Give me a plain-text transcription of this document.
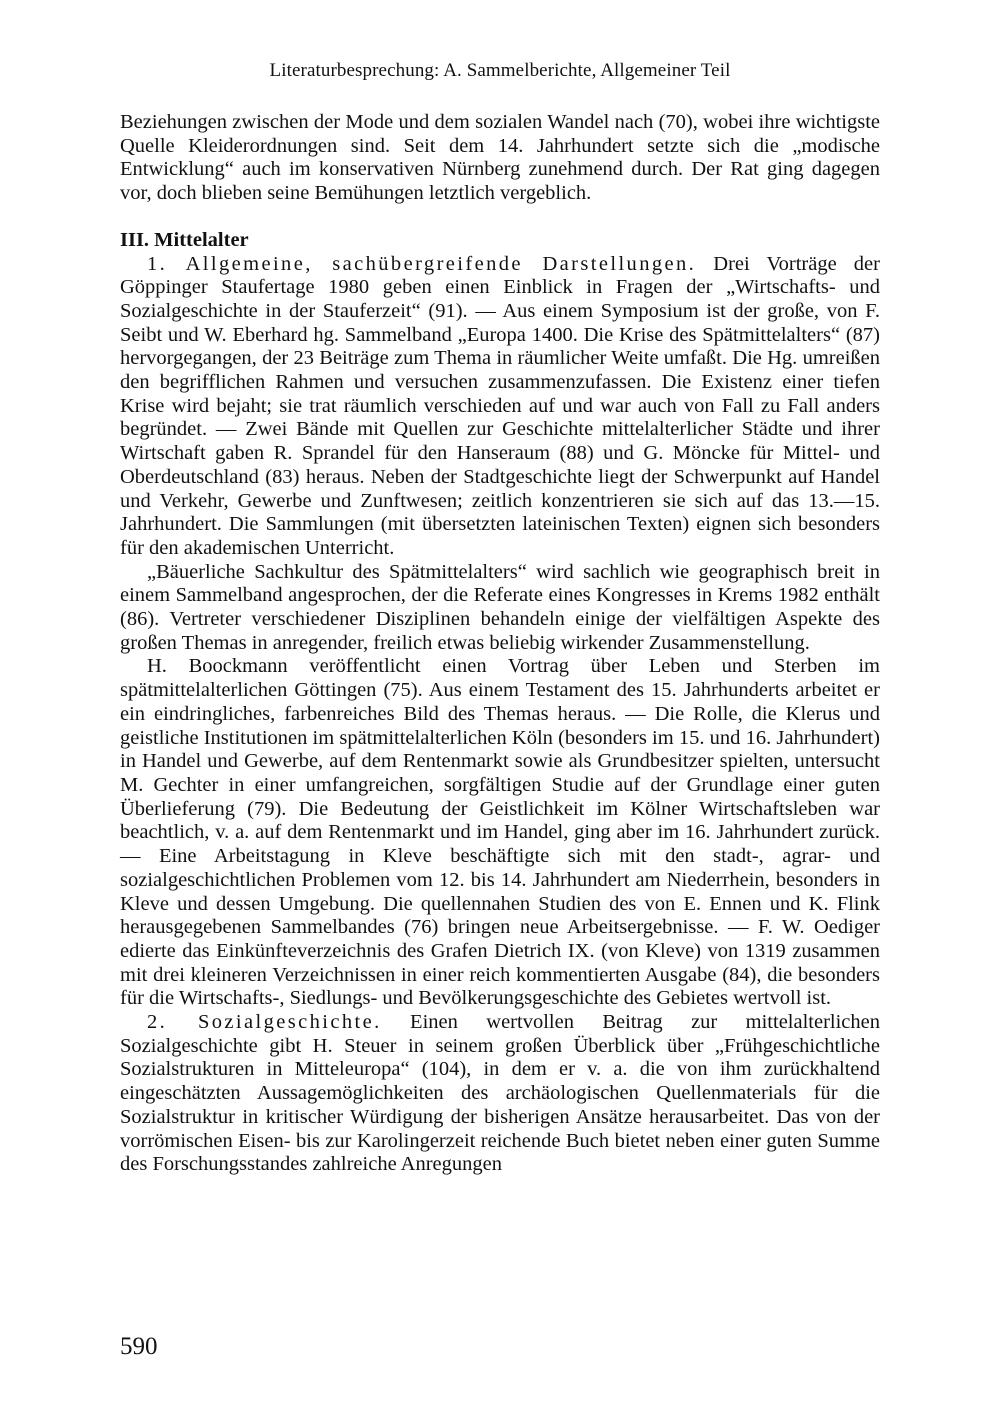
Literaturbesprechung: A. Sammelberichte, Allgemeiner Teil

Beziehungen zwischen der Mode und dem sozialen Wandel nach (70), wobei ihre wichtigste Quelle Kleiderordnungen sind. Seit dem 14. Jahrhundert setzte sich die „modische Entwicklung“ auch im konservativen Nürnberg zunehmend durch. Der Rat ging dagegen vor, doch blieben seine Bemühungen letztlich vergeblich.

III. Mittelalter

1. Allgemeine, sachübergreifende Darstellungen. Drei Vorträge der Göppinger Staufertage 1980 geben einen Einblick in Fragen der „Wirtschafts- und Sozialgeschichte in der Stauferzeit“ (91). — Aus einem Symposium ist der große, von F. Seibt und W. Eberhard hg. Sammelband „Europa 1400. Die Krise des Spätmittelalters“ (87) hervorgegangen, der 23 Beiträge zum Thema in räumlicher Weite umfaßt. Die Hg. umreißen den begrifflichen Rahmen und versuchen zusammenzufassen. Die Existenz einer tiefen Krise wird bejaht; sie trat räumlich verschieden auf und war auch von Fall zu Fall anders begründet. — Zwei Bände mit Quellen zur Geschichte mittelalterlicher Städte und ihrer Wirtschaft gaben R. Sprandel für den Hanseraum (88) und G. Möncke für Mittel- und Oberdeutschland (83) heraus. Neben der Stadtgeschichte liegt der Schwerpunkt auf Handel und Verkehr, Gewerbe und Zunftwesen; zeitlich konzentrieren sie sich auf das 13.—15. Jahrhundert. Die Sammlungen (mit übersetzten lateinischen Texten) eignen sich besonders für den akademischen Unterricht.

„Bäuerliche Sachkultur des Spätmittelalters“ wird sachlich wie geographisch breit in einem Sammelband angesprochen, der die Referate eines Kongresses in Krems 1982 enthält (86). Vertreter verschiedener Disziplinen behandeln einige der vielfältigen Aspekte des großen Themas in anregender, freilich etwas beliebig wirkender Zusammenstellung.

H. Boockmann veröffentlicht einen Vortrag über Leben und Sterben im spätmittelalterlichen Göttingen (75). Aus einem Testament des 15. Jahrhunderts arbeitet er ein eindringliches, farbenreiches Bild des Themas heraus. — Die Rolle, die Klerus und geistliche Institutionen im spätmittelalterlichen Köln (besonders im 15. und 16. Jahrhundert) in Handel und Gewerbe, auf dem Rentenmarkt sowie als Grundbesitzer spielten, untersucht M. Gechter in einer umfangreichen, sorgfältigen Studie auf der Grundlage einer guten Überlieferung (79). Die Bedeutung der Geistlichkeit im Kölner Wirtschaftsleben war beachtlich, v. a. auf dem Rentenmarkt und im Handel, ging aber im 16. Jahrhundert zurück. — Eine Arbeitstagung in Kleve beschäftigte sich mit den stadt-, agrar- und sozialgeschichtlichen Problemen vom 12. bis 14. Jahrhundert am Niederrhein, besonders in Kleve und dessen Umgebung. Die quellennahen Studien des von E. Ennen und K. Flink herausgegebenen Sammelbandes (76) bringen neue Arbeitsergebnisse. — F. W. Oediger edierte das Einkünfteverzeichnis des Grafen Dietrich IX. (von Kleve) von 1319 zusammen mit drei kleineren Verzeichnissen in einer reich kommentierten Ausgabe (84), die besonders für die Wirtschafts-, Siedlungs- und Bevölkerungsgeschichte des Gebietes wertvoll ist.

2. Sozialgeschichte. Einen wertvollen Beitrag zur mittelalterlichen Sozialgeschichte gibt H. Steuer in seinem großen Überblick über „Frühgeschichtliche Sozialstrukturen in Mitteleuropa“ (104), in dem er v. a. die von ihm zurückhaltend eingeschätzten Aussagemöglichkeiten des archäologischen Quellenmaterials für die Sozialstruktur in kritischer Würdigung der bisherigen Ansätze herausarbeitet. Das von der vorrömischen Eisen- bis zur Karolingerzeit reichende Buch bietet neben einer guten Summe des Forschungsstandes zahlreiche Anregungen

590
